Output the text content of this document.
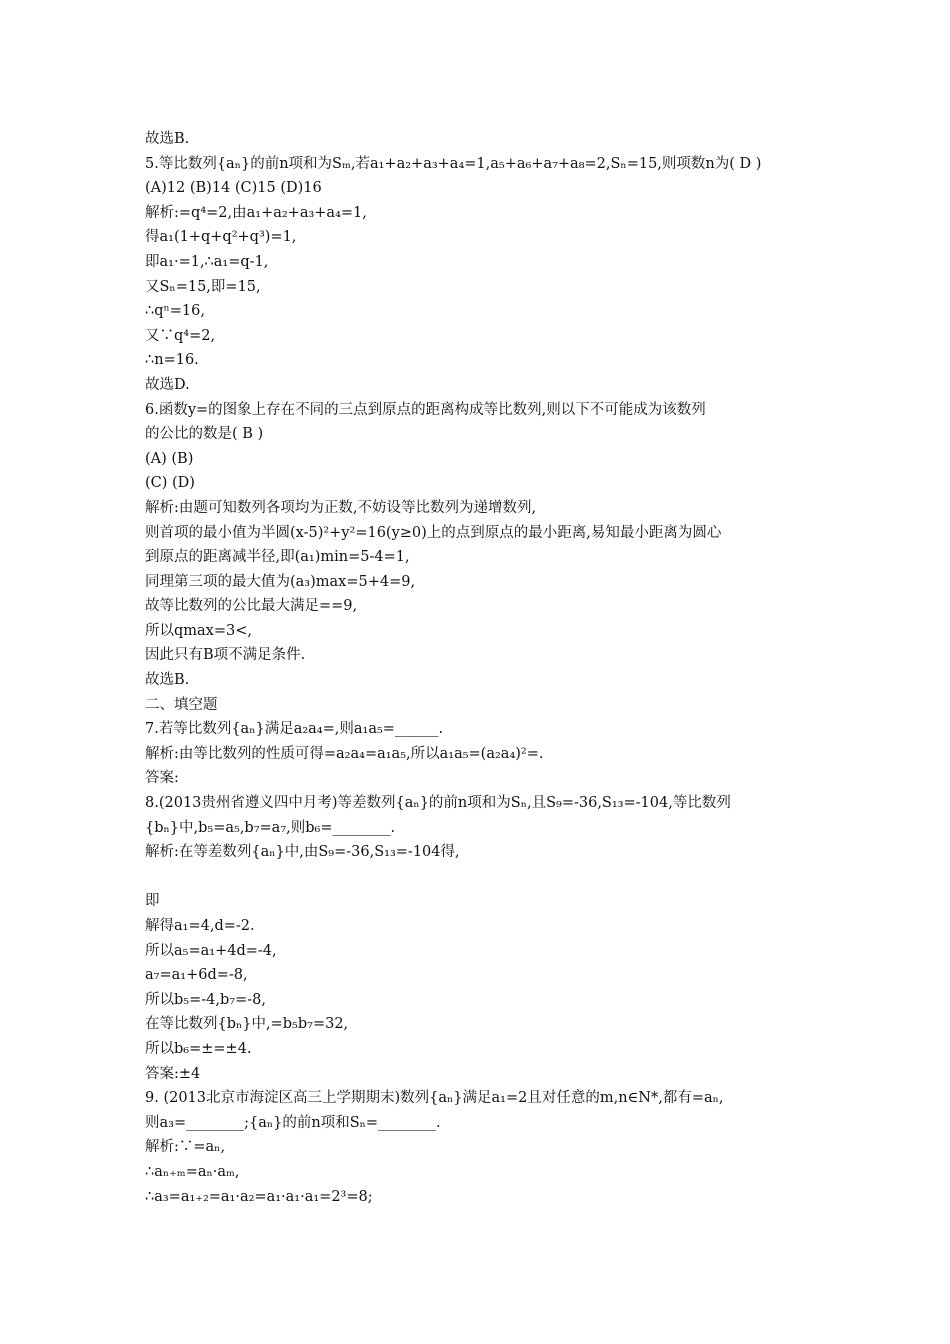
故选B.
5.等比数列{aₙ}的前n项和为Sₘ,若a₁+a₂+a₃+a₄=1,a₅+a₆+a₇+a₈=2,Sₙ=15,则项数n为( D )
(A)12 (B)14 (C)15 (D)16
解析:=q⁴=2,由a₁+a₂+a₃+a₄=1,
得a₁(1+q+q²+q³)=1,
即a₁·=1,∴a₁=q-1,
又Sₙ=15,即=15,
∴qⁿ=16,
又∵q⁴=2,
∴n=16.
故选D.
6.函数y=的图象上存在不同的三点到原点的距离构成等比数列,则以下不可能成为该数列
的公比的数是( B )
(A) (B)
(C) (D)
解析:由题可知数列各项均为正数,不妨设等比数列为递增数列,
则首项的最小值为半圆(x-5)²+y²=16(y≥0)上的点到原点的最小距离,易知最小距离为圆心
到原点的距离减半径,即(a₁)min=5-4=1,
同理第三项的最大值为(a₃)max=5+4=9,
故等比数列的公比最大满足==9,
所以qmax=3<,
因此只有B项不满足条件.
故选B.
二、填空题
7.若等比数列{aₙ}满足a₂a₄=,则a₁a₅=______.
解析:由等比数列的性质可得=a₂a₄=a₁a₅,所以a₁a₅=(a₂a₄)²=.
答案:
8.(2013贵州省遵义四中月考)等差数列{aₙ}的前n项和为Sₙ,且S₉=-36,S₁₃=-104,等比数列
{bₙ}中,b₅=a₅,b₇=a₇,则b₆=________.
解析:在等差数列{aₙ}中,由S₉=-36,S₁₃=-104得,
即
解得a₁=4,d=-2.
所以a₅=a₁+4d=-4,
a₇=a₁+6d=-8,
所以b₅=-4,b₇=-8,
在等比数列{bₙ}中,=b₅b₇=32,
所以b₆=±=±4.
答案:±4
9. (2013北京市海淀区高三上学期期末)数列{aₙ}满足a₁=2且对任意的m,n∈N*,都有=aₙ,
则a₃=________;{aₙ}的前n项和Sₙ=________.
解析:∵=aₙ,
∴aₙ₊ₘ=aₙ·aₘ,
∴a₃=a₁₊₂=a₁·a₂=a₁·a₁·a₁=2³=8;
